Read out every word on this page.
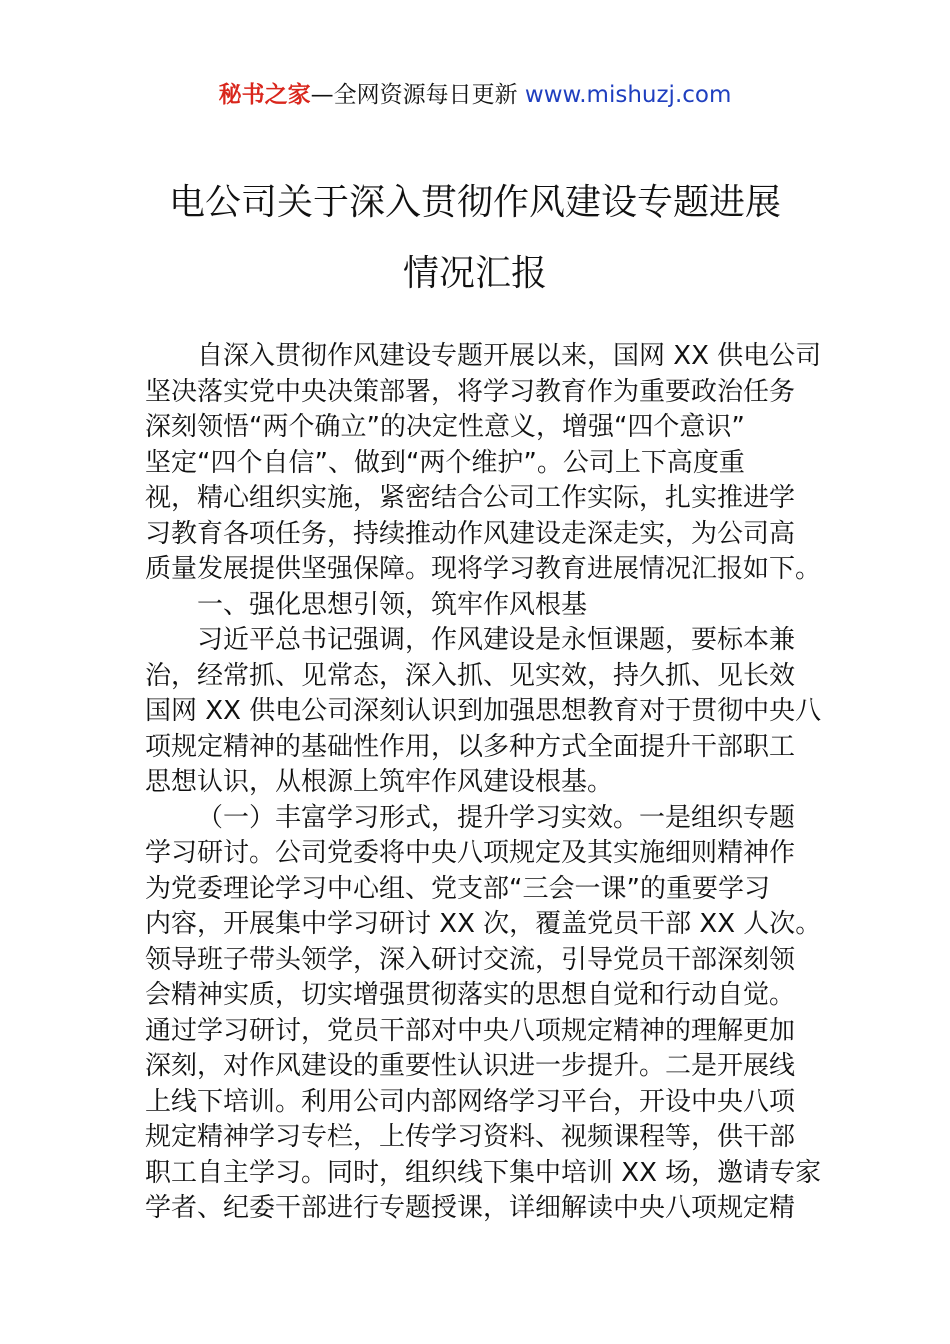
秘书之家—全网资源每日更新 www.mishuzj.com
电公司关于深入贯彻作风建设专题进展
情况汇报
自深入贯彻作风建设专题开展以来，国网 XX 供电公司
坚决落实党中央决策部署，将学习教育作为重要政治任务
深刻领悟“两个确立”的决定性意义，增强“四个意识”
坚定“四个自信”、做到“两个维护”。公司上下高度重
视，精心组织实施，紧密结合公司工作实际，扎实推进学
习教育各项任务，持续推动作风建设走深走实，为公司高
质量发展提供坚强保障。现将学习教育进展情况汇报如下。
一、强化思想引领，筑牢作风根基
习近平总书记强调，作风建设是永恒课题，要标本兼
治，经常抓、见常态，深入抓、见实效，持久抓、见长效
国网 XX 供电公司深刻认识到加强思想教育对于贯彻中央八
项规定精神的基础性作用，以多种方式全面提升干部职工
思想认识，从根源上筑牢作风建设根基。
（一）丰富学习形式，提升学习实效。一是组织专题
学习研讨。公司党委将中央八项规定及其实施细则精神作
为党委理论学习中心组、党支部“三会一课”的重要学习
内容，开展集中学习研讨 XX 次，覆盖党员干部 XX 人次。
领导班子带头领学，深入研讨交流，引导党员干部深刻领
会精神实质，切实增强贯彻落实的思想自觉和行动自觉。
通过学习研讨，党员干部对中央八项规定精神的理解更加
深刻，对作风建设的重要性认识进一步提升。二是开展线
上线下培训。利用公司内部网络学习平台，开设中央八项
规定精神学习专栏，上传学习资料、视频课程等，供干部
职工自主学习。同时，组织线下集中培训 XX 场，邀请专家
学者、纪委干部进行专题授课，详细解读中央八项规定精
